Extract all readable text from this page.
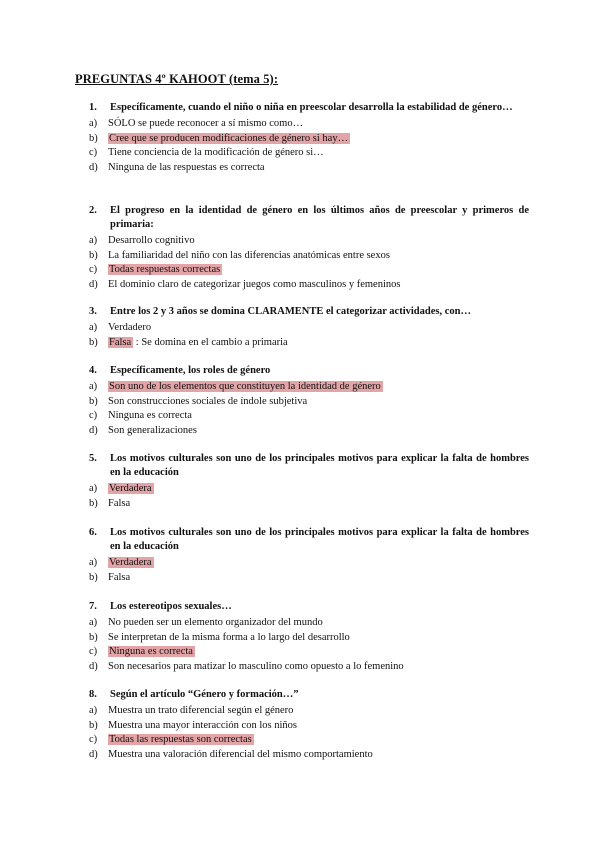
PREGUNTAS 4º KAHOOT (tema 5):
1. Específicamente, cuando el niño o niña en preescolar desarrolla la estabilidad de género…
a) SÓLO se puede reconocer a sí mismo como…
b) Cree que se producen modificaciones de género si hay…
c) Tiene conciencia de la modificación de género si…
d) Ninguna de las respuestas es correcta
2. El progreso en la identidad de género en los últimos años de preescolar y primeros de primaria:
a) Desarrollo cognitivo
b) La familiaridad del niño con las diferencias anatómicas entre sexos
c) Todas respuestas correctas
d) El dominio claro de categorizar juegos como masculinos y femeninos
3. Entre los 2 y 3 años se domina CLARAMENTE el categorizar actividades, con…
a) Verdadero
b) Falsa : Se domina en el cambio a primaria
4. Específicamente, los roles de género
a) Son uno de los elementos que constituyen la identidad de género
b) Son construcciones sociales de índole subjetiva
c) Ninguna es correcta
d) Son generalizaciones
5. Los motivos culturales son uno de los principales motivos para explicar la falta de hombres en la educación
a) Verdadera
b) Falsa
6. Los motivos culturales son uno de los principales motivos para explicar la falta de hombres en la educación
a) Verdadera
b) Falsa
7. Los estereotipos sexuales…
a) No pueden ser un elemento organizador del mundo
b) Se interpretan de la misma forma a lo largo del desarrollo
c) Ninguna es correcta
d) Son necesarios para matizar lo masculino como opuesto a lo femenino
8. Según el artículo “Género y formación…”
a) Muestra un trato diferencial según el género
b) Muestra una mayor interacción con los niños
c) Todas las respuestas son correctas
d) Muestra una valoración diferencial del mismo comportamiento
